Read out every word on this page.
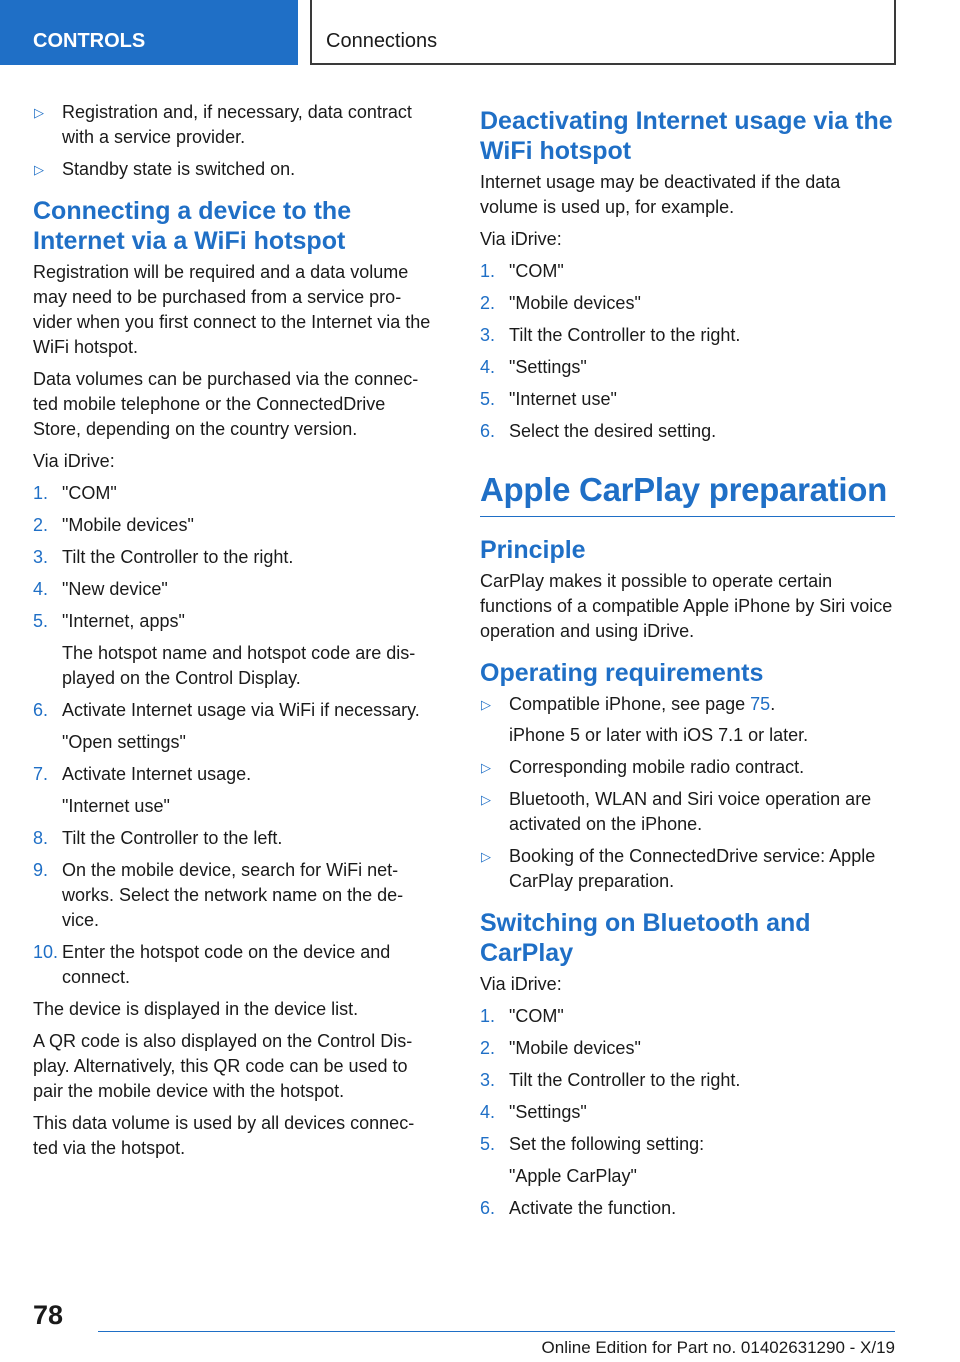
CONTROLS	Connections
▷ Registration and, if necessary, data contract with a service provider.
▷ Standby state is switched on.
Connecting a device to the Internet via a WiFi hotspot
Registration will be required and a data volume may need to be purchased from a service pro-vider when you first connect to the Internet via the WiFi hotspot.
Data volumes can be purchased via the connec-ted mobile telephone or the ConnectedDrive Store, depending on the country version.
Via iDrive:
1. "COM"
2. "Mobile devices"
3. Tilt the Controller to the right.
4. "New device"
5. "Internet, apps"
The hotspot name and hotspot code are dis-played on the Control Display.
6. Activate Internet usage via WiFi if necessary.
"Open settings"
7. Activate Internet usage.
"Internet use"
8. Tilt the Controller to the left.
9. On the mobile device, search for WiFi net-works. Select the network name on the de-vice.
10. Enter the hotspot code on the device and connect.
The device is displayed in the device list.
A QR code is also displayed on the Control Dis-play. Alternatively, this QR code can be used to pair the mobile device with the hotspot.
This data volume is used by all devices connec-ted via the hotspot.
Deactivating Internet usage via the WiFi hotspot
Internet usage may be deactivated if the data volume is used up, for example.
Via iDrive:
1. "COM"
2. "Mobile devices"
3. Tilt the Controller to the right.
4. "Settings"
5. "Internet use"
6. Select the desired setting.
Apple CarPlay preparation
Principle
CarPlay makes it possible to operate certain functions of a compatible Apple iPhone by Siri voice operation and using iDrive.
Operating requirements
▷ Compatible iPhone, see page 75.
iPhone 5 or later with iOS 7.1 or later.
▷ Corresponding mobile radio contract.
▷ Bluetooth, WLAN and Siri voice operation are activated on the iPhone.
▷ Booking of the ConnectedDrive service: Apple CarPlay preparation.
Switching on Bluetooth and CarPlay
Via iDrive:
1. "COM"
2. "Mobile devices"
3. Tilt the Controller to the right.
4. "Settings"
5. Set the following setting:
"Apple CarPlay"
6. Activate the function.
78
Online Edition for Part no. 01402631290 - X/19
